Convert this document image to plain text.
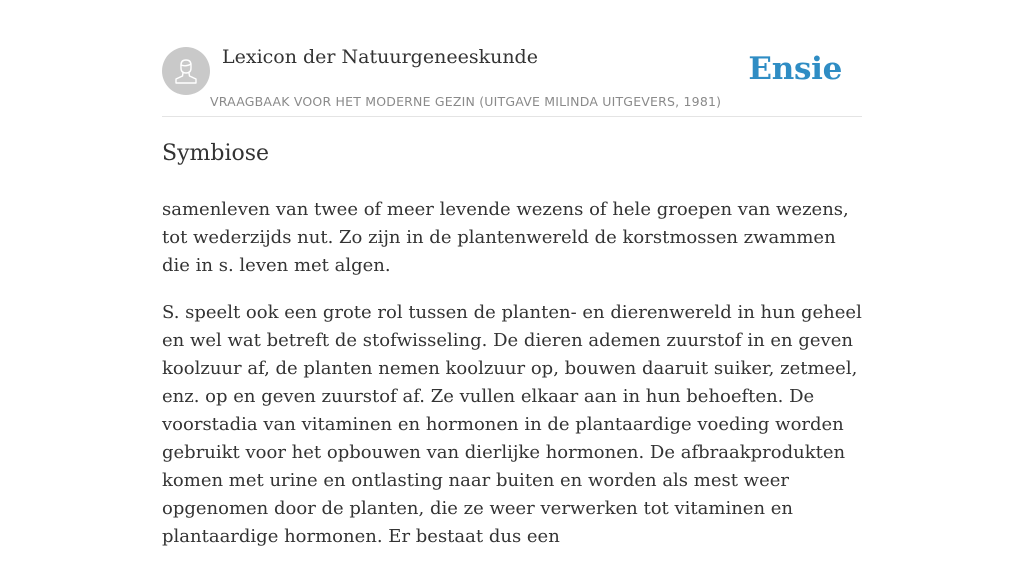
Lexicon der Natuurgeneeskunde
VRAAGBAAK VOOR HET MODERNE GEZIN (UITGAVE MILINDA UITGEVERS, 1981)
Ensie
Symbiose

samenleven van twee of meer levende wezens of hele groepen van wezens, tot wederzijds nut. Zo zijn in de plantenwereld de korstmossen zwammen die in s. leven met algen.

S. speelt ook een grote rol tussen de planten- en dierenwereld in hun geheel en wel wat betreft de stofwisseling. De dieren ademen zuurstof in en geven koolzuur af, de planten nemen koolzuur op, bouwen daaruit suiker, zetmeel, enz. op en geven zuurstof af. Ze vullen elkaar aan in hun behoeften. De voorstadia van vitaminen en hormonen in de plantaardige voeding worden gebruikt voor het opbouwen van dierlijke hormonen. De afbraakprodukten komen met urine en ontlasting naar buiten en worden als mest weer opgenomen door de planten, die ze weer verwerken tot vitaminen en plantaardige hormonen. Er bestaat dus een
